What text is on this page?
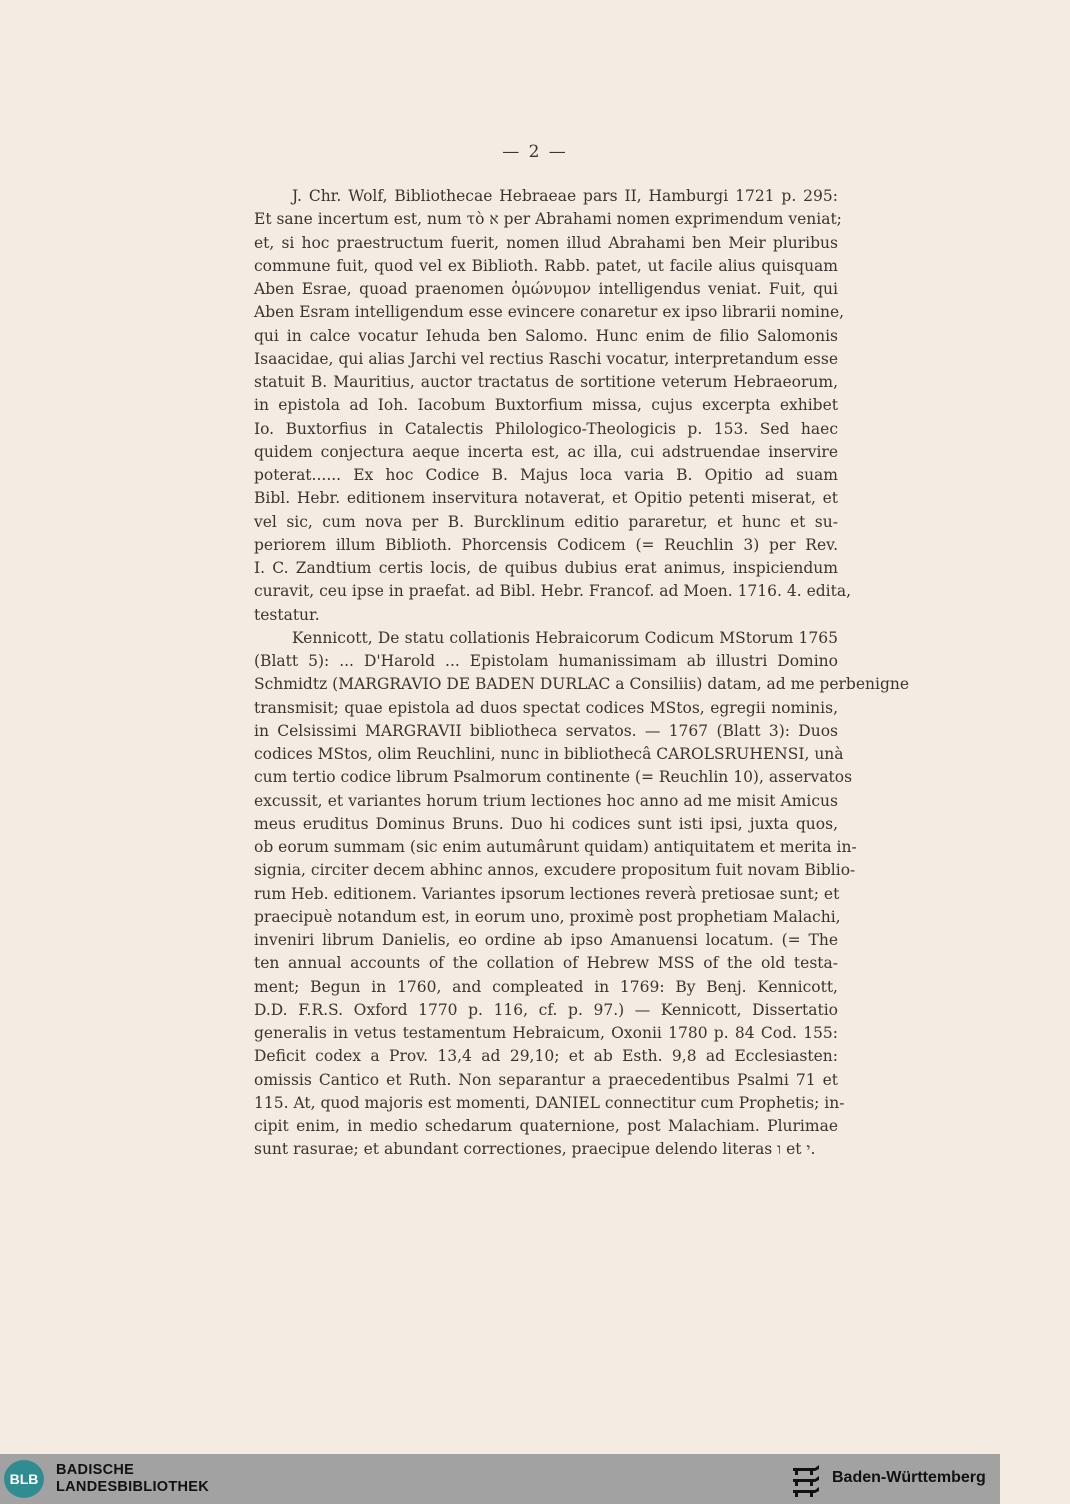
— 2 —
J. Chr. Wolf, Bibliothecae Hebraeae pars II, Hamburgi 1721 p. 295:
Et sane incertum est, num τὸ א per Abrahami nomen exprimendum veniat;
et, si hoc praestructum fuerit, nomen illud Abrahami ben Meir pluribus
commune fuit, quod vel ex Biblioth. Rabb. patet, ut facile alius quisquam
Aben Esrae, quoad praenomen ὁμώνυμον intelligendus veniat. Fuit, qui
Aben Esram intelligendum esse evincere conaretur ex ipso librarii nomine,
qui in calce vocatur Iehuda ben Salomo. Hunc enim de filio Salomonis
Isaacidae, qui alias Jarchi vel rectius Raschi vocatur, interpretandum esse
statuit B. Mauritius, auctor tractatus de sortitione veterum Hebraeorum,
in epistola ad Ioh. Iacobum Buxtorfium missa, cujus excerpta exhibet
Io. Buxtorfius in Catalectis Philologico-Theologicis p. 153. Sed haec
quidem conjectura aeque incerta est, ac illa, cui adstruendae inservire
poterat...... Ex hoc Codice B. Majus loca varia B. Opitio ad suam
Bibl. Hebr. editionem inservitura notaverat, et Opitio petenti miserat, et
vel sic, cum nova per B. Burcklinum editio pararetur, et hunc et su-
periorem illum Biblioth. Phorcensis Codicem (= Reuchlin 3) per Rev.
I. C. Zandtium certis locis, de quibus dubius erat animus, inspiciendum
curavit, ceu ipse in praefat. ad Bibl. Hebr. Francof. ad Moen. 1716. 4. edita,
testatur.
Kennicott, De statu collationis Hebraicorum Codicum MStorum 1765
(Blatt 5): ... D'Harold ... Epistolam humanissimam ab illustri Domino
Schmidtz (MARGRAVIO DE BADEN DURLAC a Consiliis) datam, ad me perbenigne
transmisit; quae epistola ad duos spectat codices MStos, egregii nominis,
in Celsissimi MARGRAVII bibliotheca servatos. — 1767 (Blatt 3): Duos
codices MStos, olim Reuchlini, nunc in bibliothecâ CAROLSRUHENSI, unà
cum tertio codice librum Psalmorum continente (= Reuchlin 10), asservatos
excussit, et variantes horum trium lectiones hoc anno ad me misit Amicus
meus eruditus Dominus Bruns. Duo hi codices sunt isti ipsi, juxta quos,
ob eorum summam (sic enim autumârunt quidam) antiquitatem et merita in-
signia, circiter decem abhinc annos, excudere propositum fuit novam Biblio-
rum Heb. editionem. Variantes ipsorum lectiones reverà pretiosae sunt; et
praecipuè notandum est, in eorum uno, proximè post prophetiam Malachi,
inveniri librum Danielis, eo ordine ab ipso Amanuensi locatum. (= The
ten annual accounts of the collation of Hebrew MSS of the old testa-
ment; Begun in 1760, and compleated in 1769: By Benj. Kennicott,
D.D. F.R.S. Oxford 1770 p. 116, cf. p. 97.) — Kennicott, Dissertatio
generalis in vetus testamentum Hebraicum, Oxonii 1780 p. 84 Cod. 155:
Deficit codex a Prov. 13,4 ad 29,10; et ab Esth. 9,8 ad Ecclesiasten:
omissis Cantico et Ruth. Non separantur a praecedentibus Psalmi 71 et
115. At, quod majoris est momenti, DANIEL connectitur cum Prophetis; in-
cipit enim, in medio schedarum quaternione, post Malachiam. Plurimae
sunt rasurae; et abundant correctiones, praecipue delendo literas ו et י.
BLB
BADISCHE
LANDESBIBLIOTHEK
Baden-Württemberg
